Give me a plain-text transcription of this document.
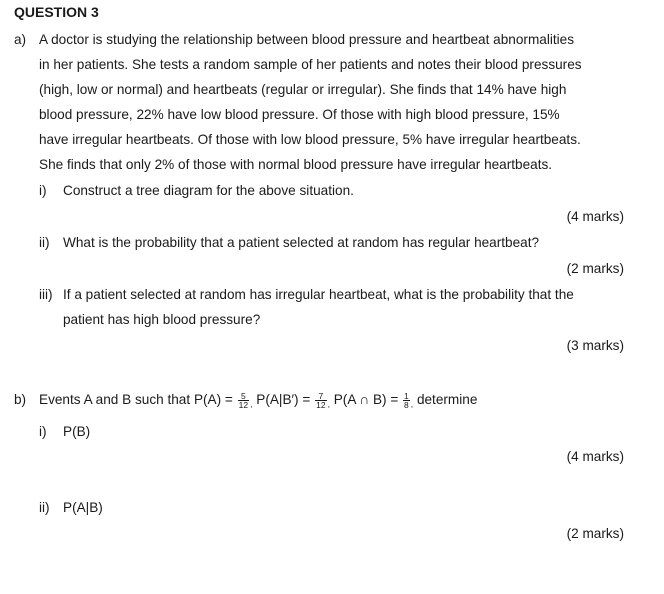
QUESTION 3
a) A doctor is studying the relationship between blood pressure and heartbeat abnormalities
in her patients. She tests a random sample of her patients and notes their blood pressures
(high, low or normal) and heartbeats (regular or irregular). She finds that 14% have high
blood pressure, 22% have low blood pressure. Of those with high blood pressure, 15%
have irregular heartbeats. Of those with low blood pressure, 5% have irregular heartbeats.
She finds that only 2% of those with normal blood pressure have irregular heartbeats.
i) Construct a tree diagram for the above situation.
(4 marks)
ii) What is the probability that a patient selected at random has regular heartbeat?
(2 marks)
iii) If a patient selected at random has irregular heartbeat, what is the probability that the
patient has high blood pressure?
(3 marks)
b) Events A and B such that $P(A) = \frac{5}{12} _,$ $P(A|B') = \frac{7}{12} _,$ P(A ∩ $B) = \frac{1}{8} _,$ determine
i) P(B)
(4 marks)
ii) P(A|B)
(2 marks)
